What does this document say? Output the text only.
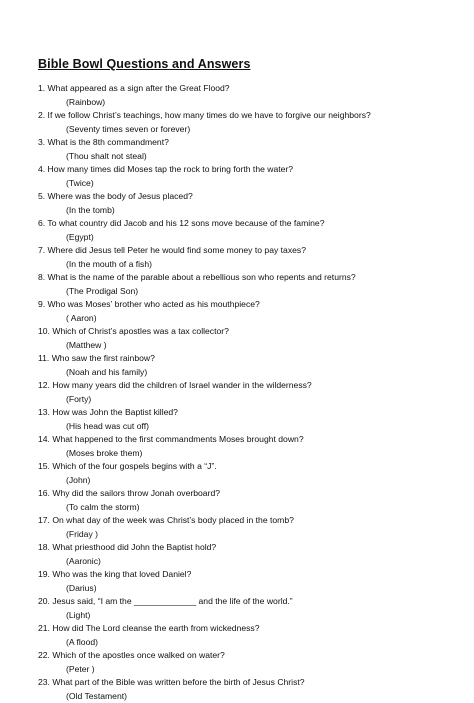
Bible Bowl Questions and Answers
1. What appeared as a sign after the Great Flood?
(Rainbow)
2. If we follow Christ’s teachings, how many times do we have to forgive our neighbors?
(Seventy times seven or forever)
3. What is the 8th commandment?
(Thou shalt not steal)
4. How many times did Moses tap the rock to bring forth the water?
(Twice)
5. Where was the body of Jesus placed?
(In the tomb)
6. To what country did Jacob and his 12 sons move because of the famine?
(Egypt)
7. Where did Jesus tell Peter he would find some money to pay taxes?
(In the mouth of a fish)
8. What is the name of the parable about a rebellious son who repents and returns?
(The Prodigal Son)
9. Who was Moses’ brother who acted as his mouthpiece?
( Aaron)
10. Which of Christ’s apostles was a tax collector?
(Matthew )
11. Who saw the first rainbow?
(Noah and his family)
12. How many years did the children of Israel wander in the wilderness?
(Forty)
13. How was John the Baptist killed?
(His head was cut off)
14. What happened to the first commandments Moses brought down?
(Moses broke them)
15. Which of the four gospels begins with a “J”.
(John)
16. Why did the sailors throw Jonah overboard?
(To calm the storm)
17. On what day of the week was Christ’s body placed in the tomb?
(Friday )
18. What priesthood did John the Baptist hold?
(Aaronic)
19. Who was the king that loved Daniel?
(Darius)
20. Jesus said, “I am the _____________ and the life of the world.”
(Light)
21. How did The Lord cleanse the earth from wickedness?
(A flood)
22. Which of the apostles once walked on water?
(Peter )
23. What part of the Bible was written before the birth of Jesus Christ?
(Old Testament)
